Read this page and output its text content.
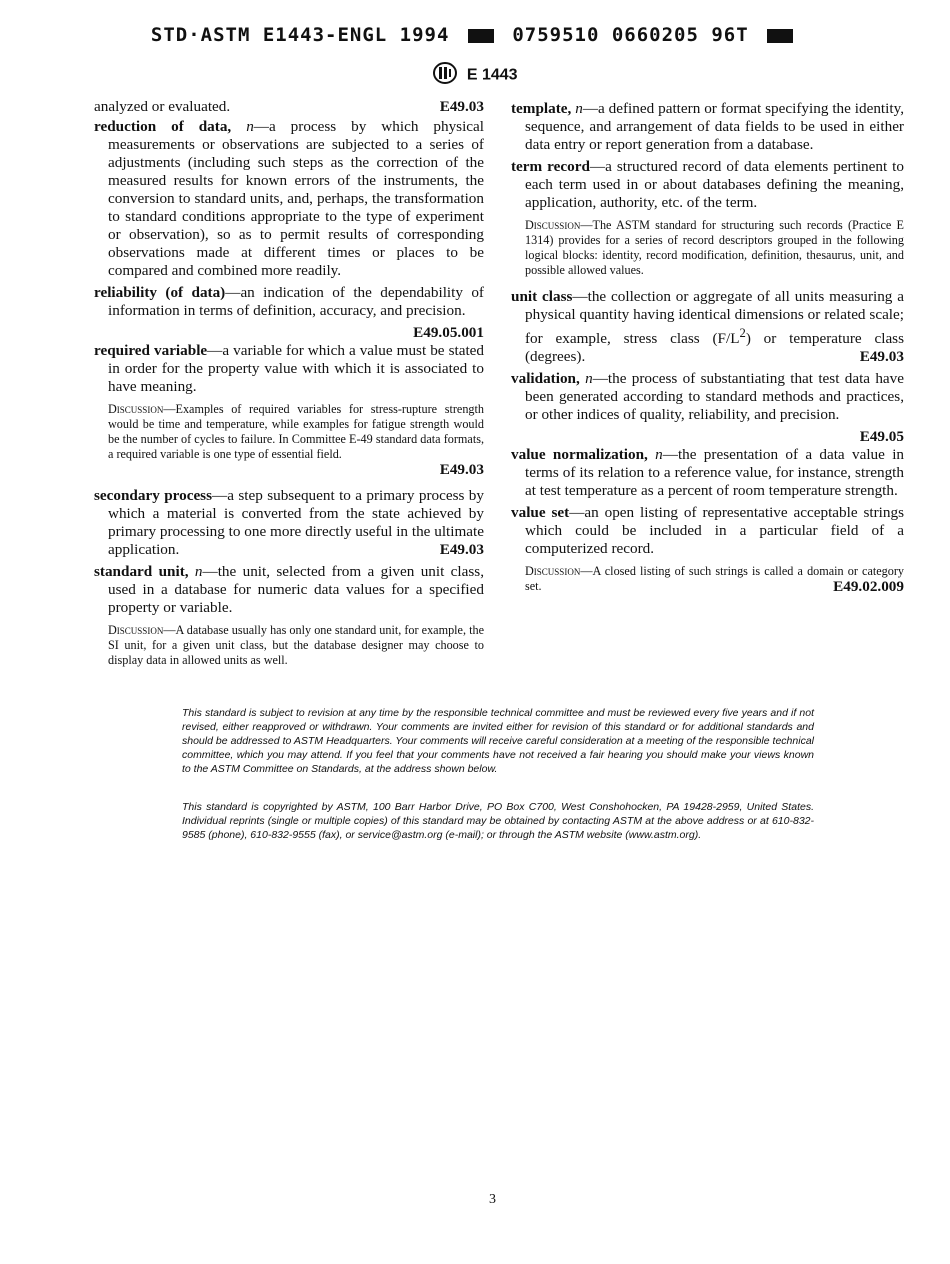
STD·ASTM E1443-ENGL 1994	0759510 0660205 96T
E 1443
analyzed or evaluated.	E49.03

reduction of data, n—a process by which physical measurements or observations are subjected to a series of adjustments (including such steps as the correction of the measured results for known errors of the instruments, the conversion to standard units, and, perhaps, the transformation to standard conditions appropriate to the type of experiment or observation), so as to permit results of corresponding observations made at different times or places to be compared and combined more readily.

reliability (of data)—an indication of the dependability of information in terms of definition, accuracy, and precision.

E49.05.001

required variable—a variable for which a value must be stated in order for the property value with which it is associated to have meaning.

Discussion—Examples of required variables for stress-rupture strength would be time and temperature, while examples for fatigue strength would be the number of cycles to failure. In Committee E-49 standard data formats, a required variable is one type of essential field.
E49.03

secondary process—a step subsequent to a primary process by which a material is converted from the state achieved by primary processing to one more directly useful in the ultimate application.	E49.03

standard unit, n—the unit, selected from a given unit class, used in a database for numeric data values for a specified property or variable.

Discussion—A database usually has only one standard unit, for example, the SI unit, for a given unit class, but the database designer may choose to display data in allowed units as well.

template, n—a defined pattern or format specifying the identity, sequence, and arrangement of data fields to be used in either data entry or report generation from a database.

term record—a structured record of data elements pertinent to each term used in or about databases defining the meaning, application, authority, etc. of the term.

Discussion—The ASTM standard for structuring such records (Practice E 1314) provides for a series of record descriptors grouped in the following logical blocks: identity, record modification, definition, thesaurus, unit, and possible allowed values.

unit class—the collection or aggregate of all units measuring a physical quantity having identical dimensions or related scale; for example, stress class $(F/L^2)$ or temperature class (degrees).	E49.03

validation, n—the process of substantiating that test data have been generated according to standard methods and practices, or other indices of quality, reliability, and precision.

E49.05

value normalization, n—the presentation of a data value in terms of its relation to a reference value, for instance, strength at test temperature as a percent of room temperature strength.

value set—an open listing of representative acceptable strings which could be included in a particular field of a computerized record.

Discussion—A closed listing of such strings is called a domain or category set.	E49.02.009

This standard is subject to revision at any time by the responsible technical committee and must be reviewed every five years and if not revised, either reapproved or withdrawn. Your comments are invited either for revision of this standard or for additional standards and should be addressed to ASTM Headquarters. Your comments will receive careful consideration at a meeting of the responsible technical committee, which you may attend. If you feel that your comments have not received a fair hearing you should make your views known to the ASTM Committee on Standards, at the address shown below.

This standard is copyrighted by ASTM, 100 Barr Harbor Drive, PO Box C700, West Conshohocken, PA 19428-2959, United States. Individual reprints (single or multiple copies) of this standard may be obtained by contacting ASTM at the above address or at 610-832-9585 (phone), 610-832-9555 (fax), or service@astm.org (e-mail); or through the ASTM website (www.astm.org).

3
